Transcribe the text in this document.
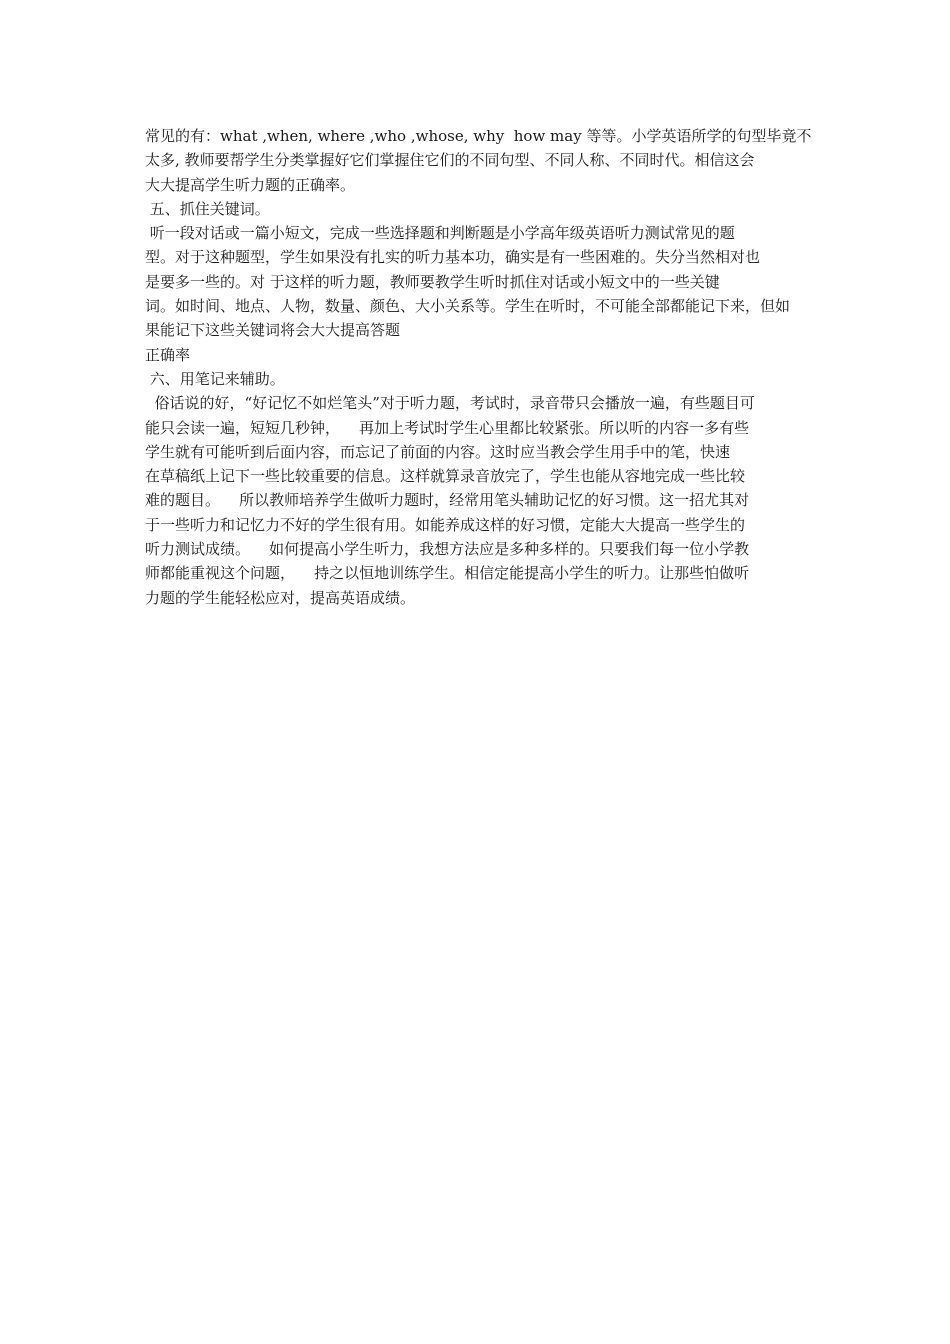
常见的有：what ,when, where ,who ,whose, why  how may 等等。小学英语所学的句型毕竟不
太多, 教师要帮学生分类掌握好它们掌握住它们的不同句型、不同人称、不同时代。相信这会
大大提高学生听力题的正确率。
五、抓住关键词。
听一段对话或一篇小短文，完成一些选择题和判断题是小学高年级英语听力测试常见的题
型。对于这种题型，学生如果没有扎实的听力基本功，确实是有一些困难的。失分当然相对也
是要多一些的。对 于这样的听力题，教师要教学生听时抓住对话或小短文中的一些关键
词。如时间、地点、人物，数量、颜色、大小关系等。学生在听时，不可能全部都能记下来，但如
果能记下这些关键词将会大大提高答题
正确率
六、用笔记来辅助。
俗话说的好，“好记忆不如烂笔头”对于听力题，考试时，录音带只会播放一遍，有些题目可
能只会读一遍，短短几秒钟，    再加上考试时学生心里都比较紧张。所以听的内容一多有些
学生就有可能听到后面内容，而忘记了前面的内容。这时应当教会学生用手中的笔，快速
在草稿纸上记下一些比较重要的信息。这样就算录音放完了，学生也能从容地完成一些比较
难的题目。    所以教师培养学生做听力题时，经常用笔头辅助记忆的好习惯。这一招尤其对
于一些听力和记忆力不好的学生很有用。如能养成这样的好习惯，定能大大提高一些学生的
听力测试成绩。    如何提高小学生听力，我想方法应是多种多样的。只要我们每一位小学教
师都能重视这个问题，    持之以恒地训练学生。相信定能提高小学生的听力。让那些怕做听
力题的学生能轻松应对，提高英语成绩。
